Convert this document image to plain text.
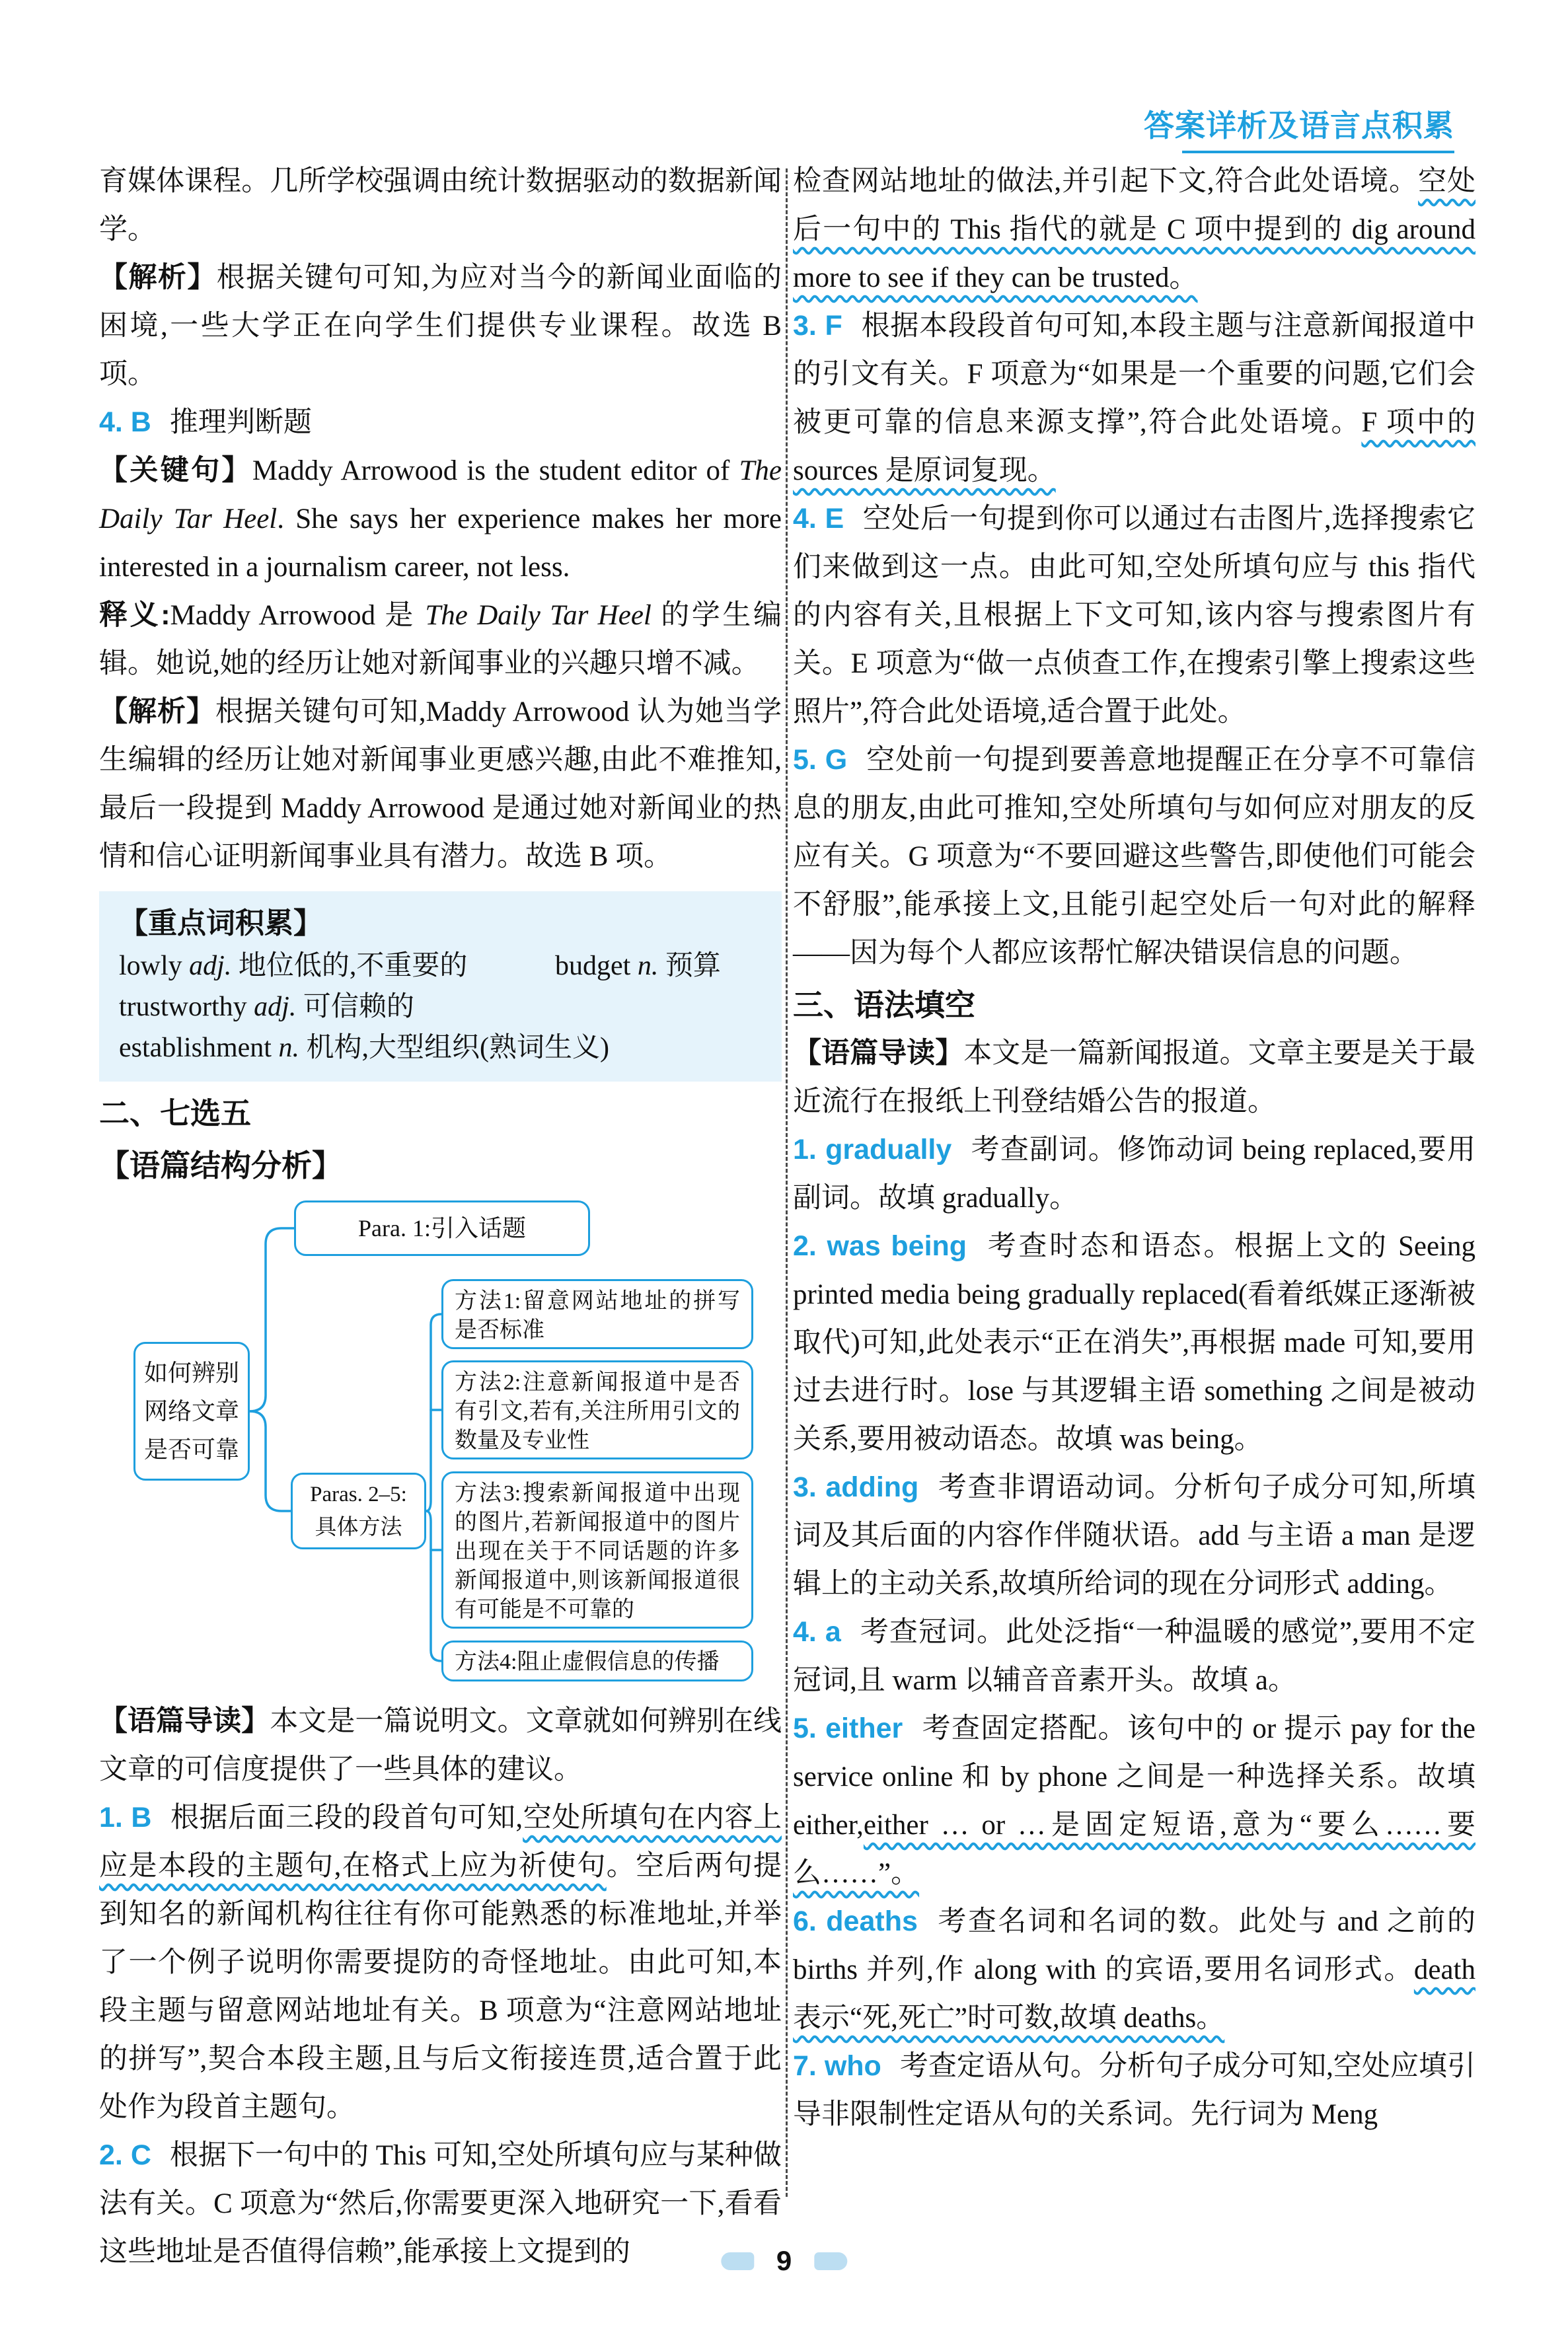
答案详析及语言点积累
育媒体课程。几所学校强调由统计数据驱动的数据新闻学。
【解析】根据关键句可知,为应对当今的新闻业面临的困境,一些大学正在向学生们提供专业课程。故选 B 项。
4. B 推理判断题
【关键句】Maddy Arrowood is the student editor of The Daily Tar Heel. She says her experience makes her more interested in a journalism career, not less.
释义:Maddy Arrowood 是 The Daily Tar Heel 的学生编辑。她说,她的经历让她对新闻事业的兴趣只增不减。
【解析】根据关键句可知,Maddy Arrowood 认为她当学生编辑的经历让她对新闻事业更感兴趣,由此不难推知,最后一段提到 Maddy Arrowood 是通过她对新闻业的热情和信心证明新闻事业具有潜力。故选 B 项。
【重点词积累】
lowly adj. 地位低的,不重要的	budget n. 预算
trustworthy adj. 可信赖的
establishment n. 机构,大型组织(熟词生义)
二、七选五
【语篇结构分析】
如何辨别
网络文章
是否可靠
Para. 1:引入话题
Paras. 2–5:
具体方法
方法1:留意网站地址的拼写是否标准
方法2:注意新闻报道中是否有引文,若有,关注所用引文的数量及专业性
方法3:搜索新闻报道中出现的图片,若新闻报道中的图片出现在关于不同话题的许多新闻报道中,则该新闻报道很有可能是不可靠的
方法4:阻止虚假信息的传播
【语篇导读】本文是一篇说明文。文章就如何辨别在线文章的可信度提供了一些具体的建议。
1. B 根据后面三段的段首句可知,空处所填句在内容上应是本段的主题句,在格式上应为祈使句。空后两句提到知名的新闻机构往往有你可能熟悉的标准地址,并举了一个例子说明你需要提防的奇怪地址。由此可知,本段主题与留意网站地址有关。B 项意为“注意网站地址的拼写”,契合本段主题,且与后文衔接连贯,适合置于此处作为段首主题句。
2. C 根据下一句中的 This 可知,空处所填句应与某种做法有关。C 项意为“然后,你需要更深入地研究一下,看看这些地址是否值得信赖”,能承接上文提到的
检查网站地址的做法,并引起下文,符合此处语境。空处后一句中的 This 指代的就是 C 项中提到的 dig around more to see if they can be trusted。
3. F 根据本段段首句可知,本段主题与注意新闻报道中的引文有关。F 项意为“如果是一个重要的问题,它们会被更可靠的信息来源支撑”,符合此处语境。F 项中的 sources 是原词复现。
4. E 空处后一句提到你可以通过右击图片,选择搜索它们来做到这一点。由此可知,空处所填句应与 this 指代的内容有关,且根据上下文可知,该内容与搜索图片有关。E 项意为“做一点侦查工作,在搜索引擎上搜索这些照片”,符合此处语境,适合置于此处。
5. G 空处前一句提到要善意地提醒正在分享不可靠信息的朋友,由此可推知,空处所填句与如何应对朋友的反应有关。G 项意为“不要回避这些警告,即使他们可能会不舒服”,能承接上文,且能引起空处后一句对此的解释——因为每个人都应该帮忙解决错误信息的问题。
三、语法填空
【语篇导读】本文是一篇新闻报道。文章主要是关于最近流行在报纸上刊登结婚公告的报道。
1. gradually 考查副词。修饰动词 being replaced,要用副词。故填 gradually。
2. was being 考查时态和语态。根据上文的 Seeing printed media being gradually replaced(看着纸媒正逐渐被取代)可知,此处表示“正在消失”,再根据 made 可知,要用过去进行时。lose 与其逻辑主语 something 之间是被动关系,要用被动语态。故填 was being。
3. adding 考查非谓语动词。分析句子成分可知,所填词及其后面的内容作伴随状语。add 与主语 a man 是逻辑上的主动关系,故填所给词的现在分词形式 adding。
4. a 考查冠词。此处泛指“一种温暖的感觉”,要用不定冠词,且 warm 以辅音音素开头。故填 a。
5. either 考查固定搭配。该句中的 or 提示 pay for the service online 和 by phone 之间是一种选择关系。故填 either,either … or …是固定短语,意为“要么……要么……”。
6. deaths 考查名词和名词的数。此处与 and 之前的 births 并列,作 along with 的宾语,要用名词形式。death 表示“死,死亡”时可数,故填 deaths。
7. who 考查定语从句。分析句子成分可知,空处应填引导非限制性定语从句的关系词。先行词为 Meng
9
